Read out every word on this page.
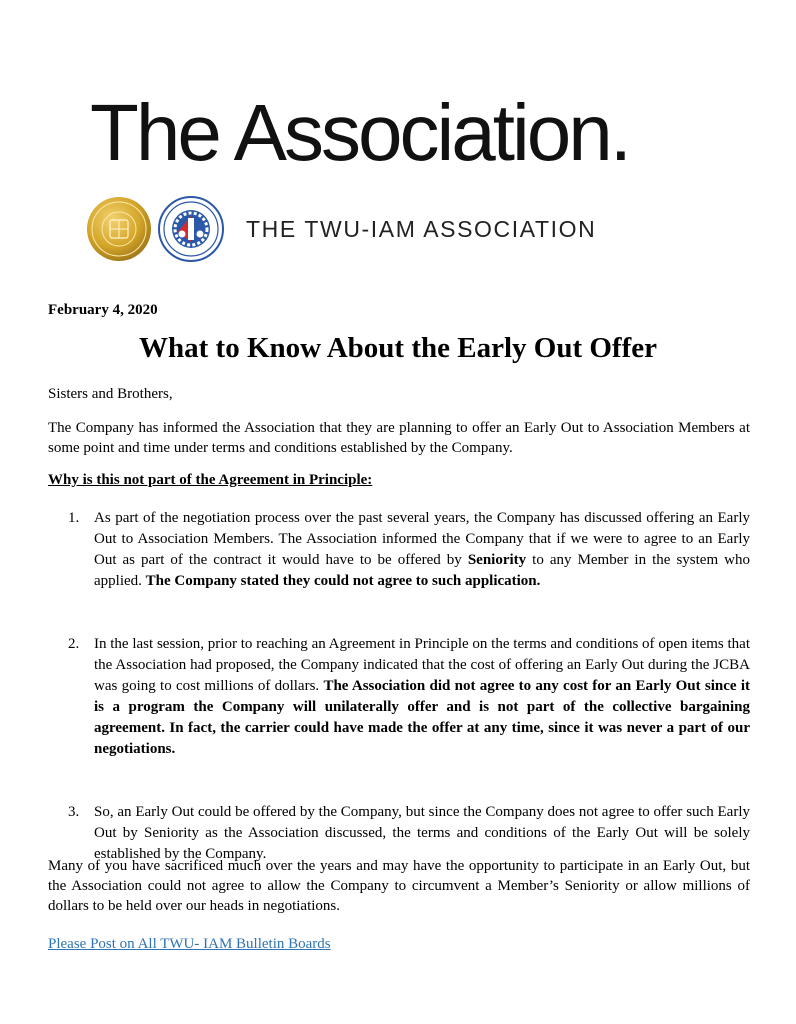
The Association.
THE TWU-IAM ASSOCIATION
February 4, 2020
What to Know About the Early Out Offer
Sisters and Brothers,
The Company has informed the Association that they are planning to offer an Early Out to Association Members at some point and time under terms and conditions established by the Company.
Why is this not part of the Agreement in Principle:
1. As part of the negotiation process over the past several years, the Company has discussed offering an Early Out to Association Members. The Association informed the Company that if we were to agree to an Early Out as part of the contract it would have to be offered by Seniority to any Member in the system who applied. The Company stated they could not agree to such application.
2. In the last session, prior to reaching an Agreement in Principle on the terms and conditions of open items that the Association had proposed, the Company indicated that the cost of offering an Early Out during the JCBA was going to cost millions of dollars. The Association did not agree to any cost for an Early Out since it is a program the Company will unilaterally offer and is not part of the collective bargaining agreement. In fact, the carrier could have made the offer at any time, since it was never a part of our negotiations.
3. So, an Early Out could be offered by the Company, but since the Company does not agree to offer such Early Out by Seniority as the Association discussed, the terms and conditions of the Early Out will be solely established by the Company.
Many of you have sacrificed much over the years and may have the opportunity to participate in an Early Out, but the Association could not agree to allow the Company to circumvent a Member’s Seniority or allow millions of dollars to be held over our heads in negotiations.
Please Post on All TWU- IAM Bulletin Boards
